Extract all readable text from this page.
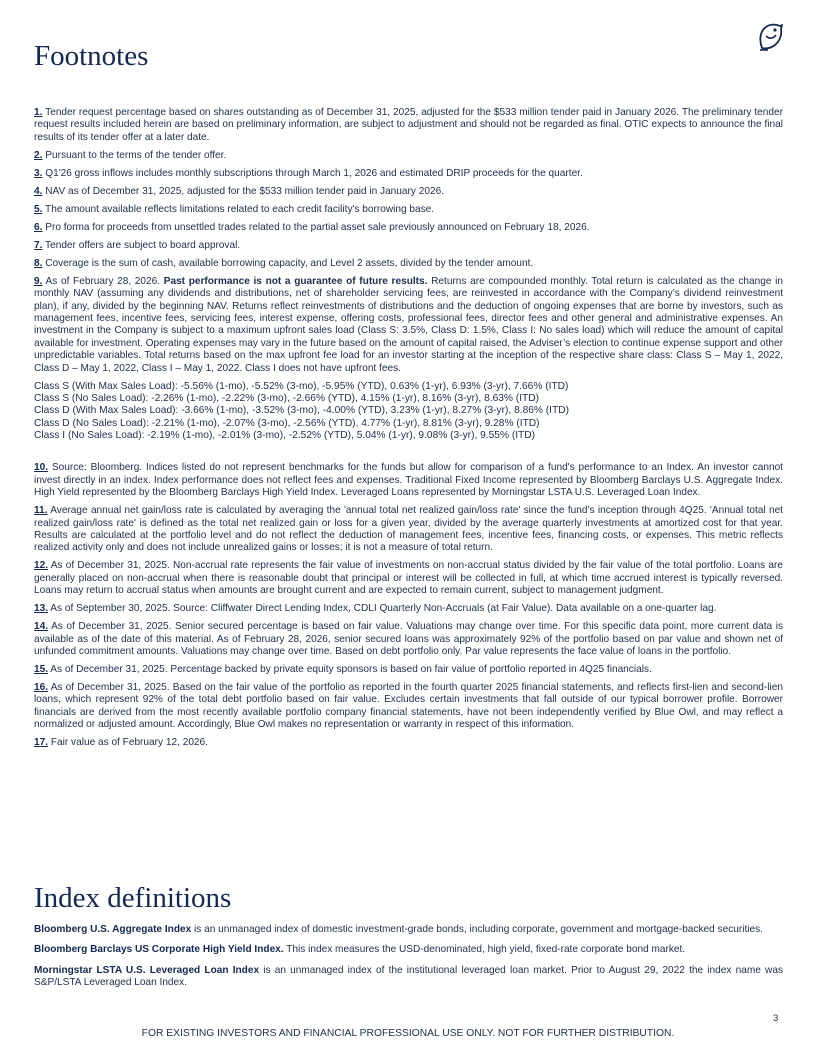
Footnotes

1. Tender request percentage based on shares outstanding as of December 31, 2025, adjusted for the $533 million tender paid in January 2026. The preliminary tender request results included herein are based on preliminary information, are subject to adjustment and should not be regarded as final. OTIC expects to announce the final results of its tender offer at a later date.

2. Pursuant to the terms of the tender offer.

3. Q1'26 gross inflows includes monthly subscriptions through March 1, 2026 and estimated DRIP proceeds for the quarter.

4. NAV as of December 31, 2025, adjusted for the $533 million tender paid in January 2026.

5. The amount available reflects limitations related to each credit facility's borrowing base.

6. Pro forma for proceeds from unsettled trades related to the partial asset sale previously announced on February 18, 2026.

7. Tender offers are subject to board approval.

8. Coverage is the sum of cash, available borrowing capacity, and Level 2 assets, divided by the tender amount.

9. As of February 28, 2026. Past performance is not a guarantee of future results. Returns are compounded monthly. Total return is calculated as the change in monthly NAV (assuming any dividends and distributions, net of shareholder servicing fees, are reinvested in accordance with the Company’s dividend reinvestment plan), if any, divided by the beginning NAV. Returns reflect reinvestments of distributions and the deduction of ongoing expenses that are borne by investors, such as management fees, incentive fees, servicing fees, interest expense, offering costs, professional fees, director fees and other general and administrative expenses. An investment in the Company is subject to a maximum upfront sales load (Class S: 3.5%, Class D: 1.5%, Class I: No sales load) which will reduce the amount of capital available for investment. Operating expenses may vary in the future based on the amount of capital raised, the Adviser’s election to continue expense support and other unpredictable variables. Total returns based on the max upfront fee load for an investor starting at the inception of the respective share class: Class S – May 1, 2022, Class D – May 1, 2022, Class I – May 1, 2022. Class I does not have upfront fees.

Class S (With Max Sales Load): -5.56% (1-mo), -5.52% (3-mo), -5.95% (YTD), 0.63% (1-yr), 6.93% (3-yr), 7.66% (ITD)
Class S (No Sales Load): -2.26% (1-mo), -2.22% (3-mo), -2.66% (YTD), 4.15% (1-yr), 8.16% (3-yr), 8.63% (ITD)
Class D (With Max Sales Load): -3.66% (1-mo), -3.52% (3-mo), -4.00% (YTD), 3.23% (1-yr), 8.27% (3-yr), 8.86% (ITD)
Class D (No Sales Load): -2.21% (1-mo), -2.07% (3-mo), -2.56% (YTD), 4.77% (1-yr), 8.81% (3-yr), 9.28% (ITD)
Class I (No Sales Load): -2.19% (1-mo), -2.01% (3-mo), -2.52% (YTD), 5.04% (1-yr), 9.08% (3-yr), 9.55% (ITD)

10. Source: Bloomberg. Indices listed do not represent benchmarks for the funds but allow for comparison of a fund's performance to an Index. An investor cannot invest directly in an index. Index performance does not reflect fees and expenses. Traditional Fixed Income represented by Bloomberg Barclays U.S. Aggregate Index. High Yield represented by the Bloomberg Barclays High Yield Index. Leveraged Loans represented by Morningstar LSTA U.S. Leveraged Loan Index.

11. Average annual net gain/loss rate is calculated by averaging the 'annual total net realized gain/loss rate' since the fund’s inception through 4Q25. 'Annual total net realized gain/loss rate' is defined as the total net realized gain or loss for a given year, divided by the average quarterly investments at amortized cost for that year. Results are calculated at the portfolio level and do not reflect the deduction of management fees, incentive fees, financing costs, or expenses. This metric reflects realized activity only and does not include unrealized gains or losses; it is not a measure of total return.

12. As of December 31, 2025. Non-accrual rate represents the fair value of investments on non-accrual status divided by the fair value of the total portfolio. Loans are generally placed on non-accrual when there is reasonable doubt that principal or interest will be collected in full, at which time accrued interest is typically reversed. Loans may return to accrual status when amounts are brought current and are expected to remain current, subject to management judgment.

13. As of September 30, 2025. Source: Cliffwater Direct Lending Index, CDLI Quarterly Non-Accruals (at Fair Value). Data available on a one-quarter lag.

14. As of December 31, 2025. Senior secured percentage is based on fair value. Valuations may change over time. For this specific data point, more current data is available as of the date of this material. As of February 28, 2026, senior secured loans was approximately 92% of the portfolio based on par value and shown net of unfunded commitment amounts. Valuations may change over time. Based on debt portfolio only. Par value represents the face value of loans in the portfolio.

15. As of December 31, 2025. Percentage backed by private equity sponsors is based on fair value of portfolio reported in 4Q25 financials.

16. As of December 31, 2025. Based on the fair value of the portfolio as reported in the fourth quarter 2025 financial statements, and reflects first-lien and second-lien loans, which represent 92% of the total debt portfolio based on fair value. Excludes certain investments that fall outside of our typical borrower profile. Borrower financials are derived from the most recently available portfolio company financial statements, have not been independently verified by Blue Owl, and may reflect a normalized or adjusted amount. Accordingly, Blue Owl makes no representation or warranty in respect of this information.

17. Fair value as of February 12, 2026.

Index definitions

Bloomberg U.S. Aggregate Index is an unmanaged index of domestic investment-grade bonds, including corporate, government and mortgage-backed securities.

Bloomberg Barclays US Corporate High Yield Index. This index measures the USD-denominated, high yield, fixed-rate corporate bond market.

Morningstar LSTA U.S. Leveraged Loan Index is an unmanaged index of the institutional leveraged loan market. Prior to August 29, 2022 the index name was S&P/LSTA Leveraged Loan Index.

3
FOR EXISTING INVESTORS AND FINANCIAL PROFESSIONAL USE ONLY. NOT FOR FURTHER DISTRIBUTION.
